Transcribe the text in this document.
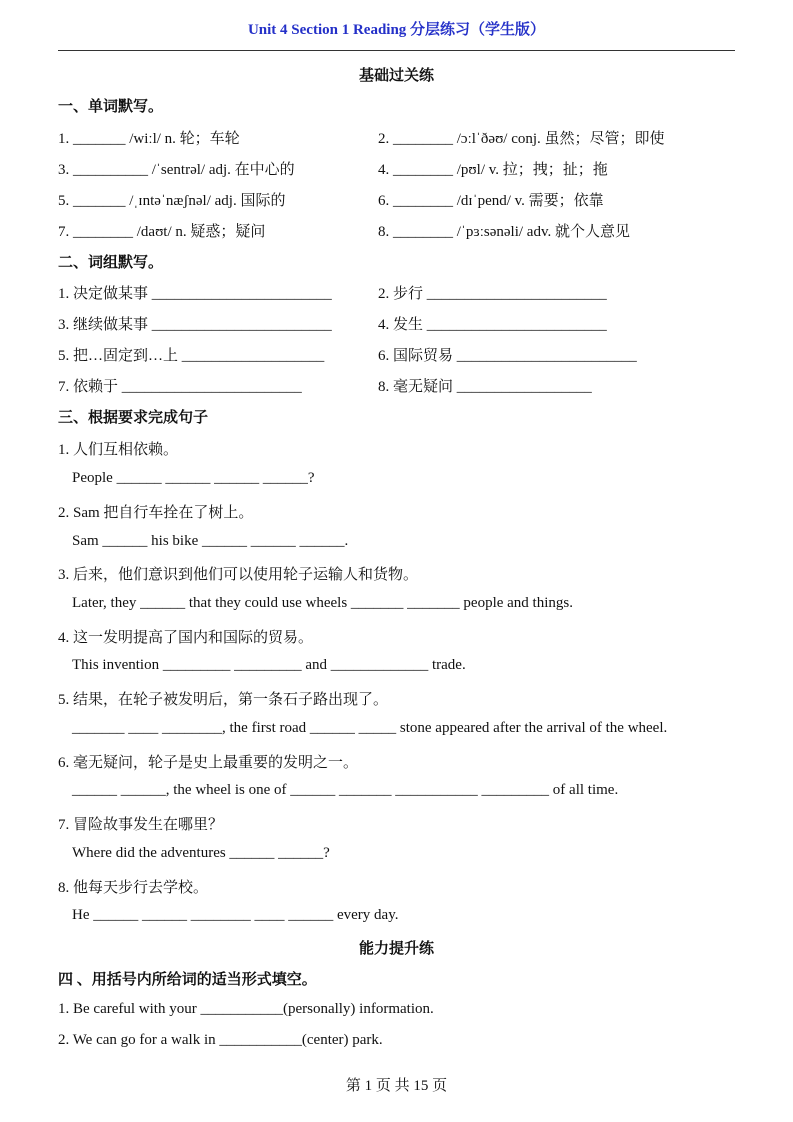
Unit 4 Section 1 Reading 分层练习（学生版）
基础过关练
一、单词默写。
1. _______ /wiːl/ n. 轮；车轮	2. ________ /ɔːlˈðəʊ/ conj. 虽然；尽管；即使
3. __________ /ˈsentrəl/ adj. 在中心的	4. ________ /pʊl/ v. 拉；拽；扯；拖
5. _______ /ˌɪntəˈnæʃnəl/ adj. 国际的	6. ________ /dɪˈpend/ v. 需要；依靠
7. ________ /daʊt/ n. 疑惑；疑问	8. ________ /ˈpɜːsənəli/ adv. 就个人意见
二、词组默写。
1. 决定做某事 ________________________	2. 步行 ________________________
3. 继续做某事 ________________________	4. 发生 ________________________
5. 把…固定到…上 ___________________	6. 国际贸易 ________________________
7. 依赖于 ________________________	8. 毫无疑问 __________________
三、根据要求完成句子
1. 人们互相依赖。
People ______ ______ ______ ______?
2. Sam 把自行车拴在了树上。
Sam ______ his bike ______ ______ ______.
3. 后来，他们意识到他们可以使用轮子运输人和货物。
Later, they ______ that they could use wheels _______ _______ people and things.
4. 这一发明提高了国内和国际的贸易。
This invention _________ _________ and _____________ trade.
5. 结果，在轮子被发明后，第一条石子路出现了。
_______ ____ ________, the first road ______ _____ stone appeared after the arrival of the wheel.
6. 毫无疑问，轮子是史上最重要的发明之一。
______ ______, the wheel is one of ______ _______ ___________ _________ of all time.
7. 冒险故事发生在哪里？
Where did the adventures ______ ______?
8. 他每天步行去学校。
He ______ ______ ________ ____ ______ every day.
能力提升练
四 、用括号内所给词的适当形式填空。
1. Be careful with your ___________(personally) information.
2. We can go for a walk in ___________(center) park.
第 1 页 共 15 页
